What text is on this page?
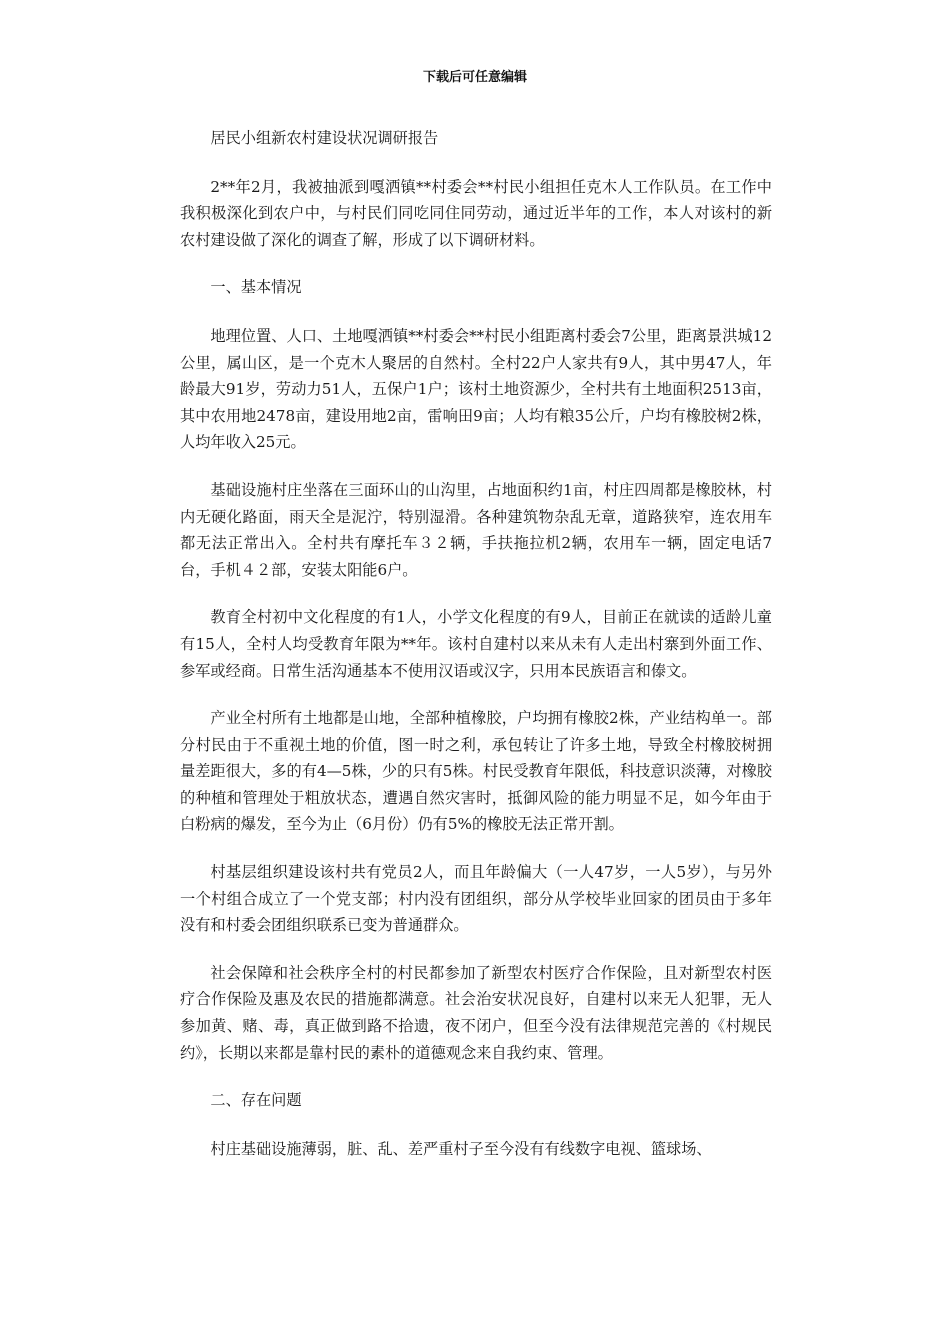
下载后可任意编辑

居民小组新农村建设状况调研报告

2**年2月，我被抽派到嘎洒镇**村委会**村民小组担任克木人工作队员。在工作中我积极深化到农户中，与村民们同吃同住同劳动，通过近半年的工作，本人对该村的新农村建设做了深化的调查了解，形成了以下调研材料。

一、基本情况

地理位置、人口、土地嘎洒镇**村委会**村民小组距离村委会7公里，距离景洪城12公里，属山区，是一个克木人聚居的自然村。全村22户人家共有9人，其中男47人，年龄最大91岁，劳动力51人，五保户1户；该村土地资源少，全村共有土地面积2513亩，其中农用地2478亩，建设用地2亩，雷响田9亩；人均有粮35公斤，户均有橡胶树2株，人均年收入25元。

基础设施村庄坐落在三面环山的山沟里，占地面积约1亩，村庄四周都是橡胶林，村内无硬化路面，雨天全是泥泞，特别湿滑。各种建筑物杂乱无章，道路狭窄，连农用车都无法正常出入。全村共有摩托车３２辆，手扶拖拉机2辆，农用车一辆，固定电话7台，手机４２部，安装太阳能6户。

教育全村初中文化程度的有1人，小学文化程度的有9人，目前正在就读的适龄儿童有15人，全村人均受教育年限为**年。该村自建村以来从未有人走出村寨到外面工作、参军或经商。日常生活沟通基本不使用汉语或汉字，只用本民族语言和傣文。

产业全村所有土地都是山地，全部种植橡胶，户均拥有橡胶2株，产业结构单一。部分村民由于不重视土地的价值，图一时之利，承包转让了许多土地，导致全村橡胶树拥量差距很大，多的有4—5株，少的只有5株。村民受教育年限低，科技意识淡薄，对橡胶的种植和管理处于粗放状态，遭遇自然灾害时，抵御风险的能力明显不足，如今年由于白粉病的爆发，至今为止（6月份）仍有5%的橡胶无法正常开割。

村基层组织建设该村共有党员2人，而且年龄偏大（一人47岁，一人5岁），与另外一个村组合成立了一个党支部；村内没有团组织，部分从学校毕业回家的团员由于多年没有和村委会团组织联系已变为普通群众。

社会保障和社会秩序全村的村民都参加了新型农村医疗合作保险，且对新型农村医疗合作保险及惠及农民的措施都满意。社会治安状况良好，自建村以来无人犯罪，无人参加黄、赌、毒，真正做到路不拾遗，夜不闭户，但至今没有法律规范完善的《村规民约》，长期以来都是靠村民的素朴的道德观念来自我约束、管理。

二、存在问题

村庄基础设施薄弱，脏、乱、差严重村子至今没有有线数字电视、篮球场、
